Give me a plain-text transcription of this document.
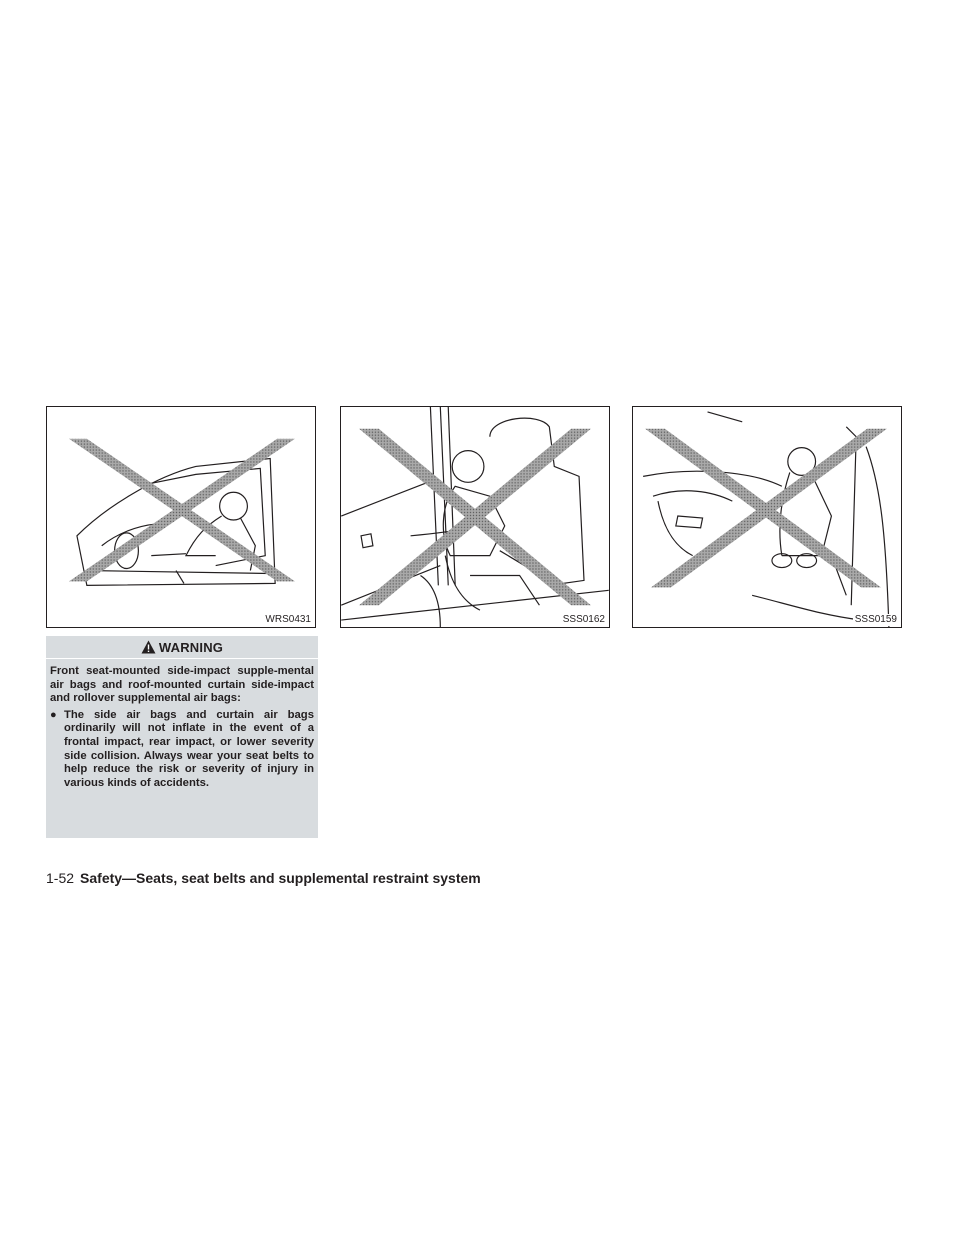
WRS0431	SSS0162	SSS0159
WARNING

Front seat-mounted side-impact supple-mental air bags and roof-mounted curtain side-impact and rollover supplemental air bags:

● The side air bags and curtain air bags ordinarily will not inflate in the event of a frontal impact, rear impact, or lower severity side collision. Always wear your seat belts to help reduce the risk or severity of injury in various kinds of accidents.
1-52 Safety—Seats, seat belts and supplemental restraint system
